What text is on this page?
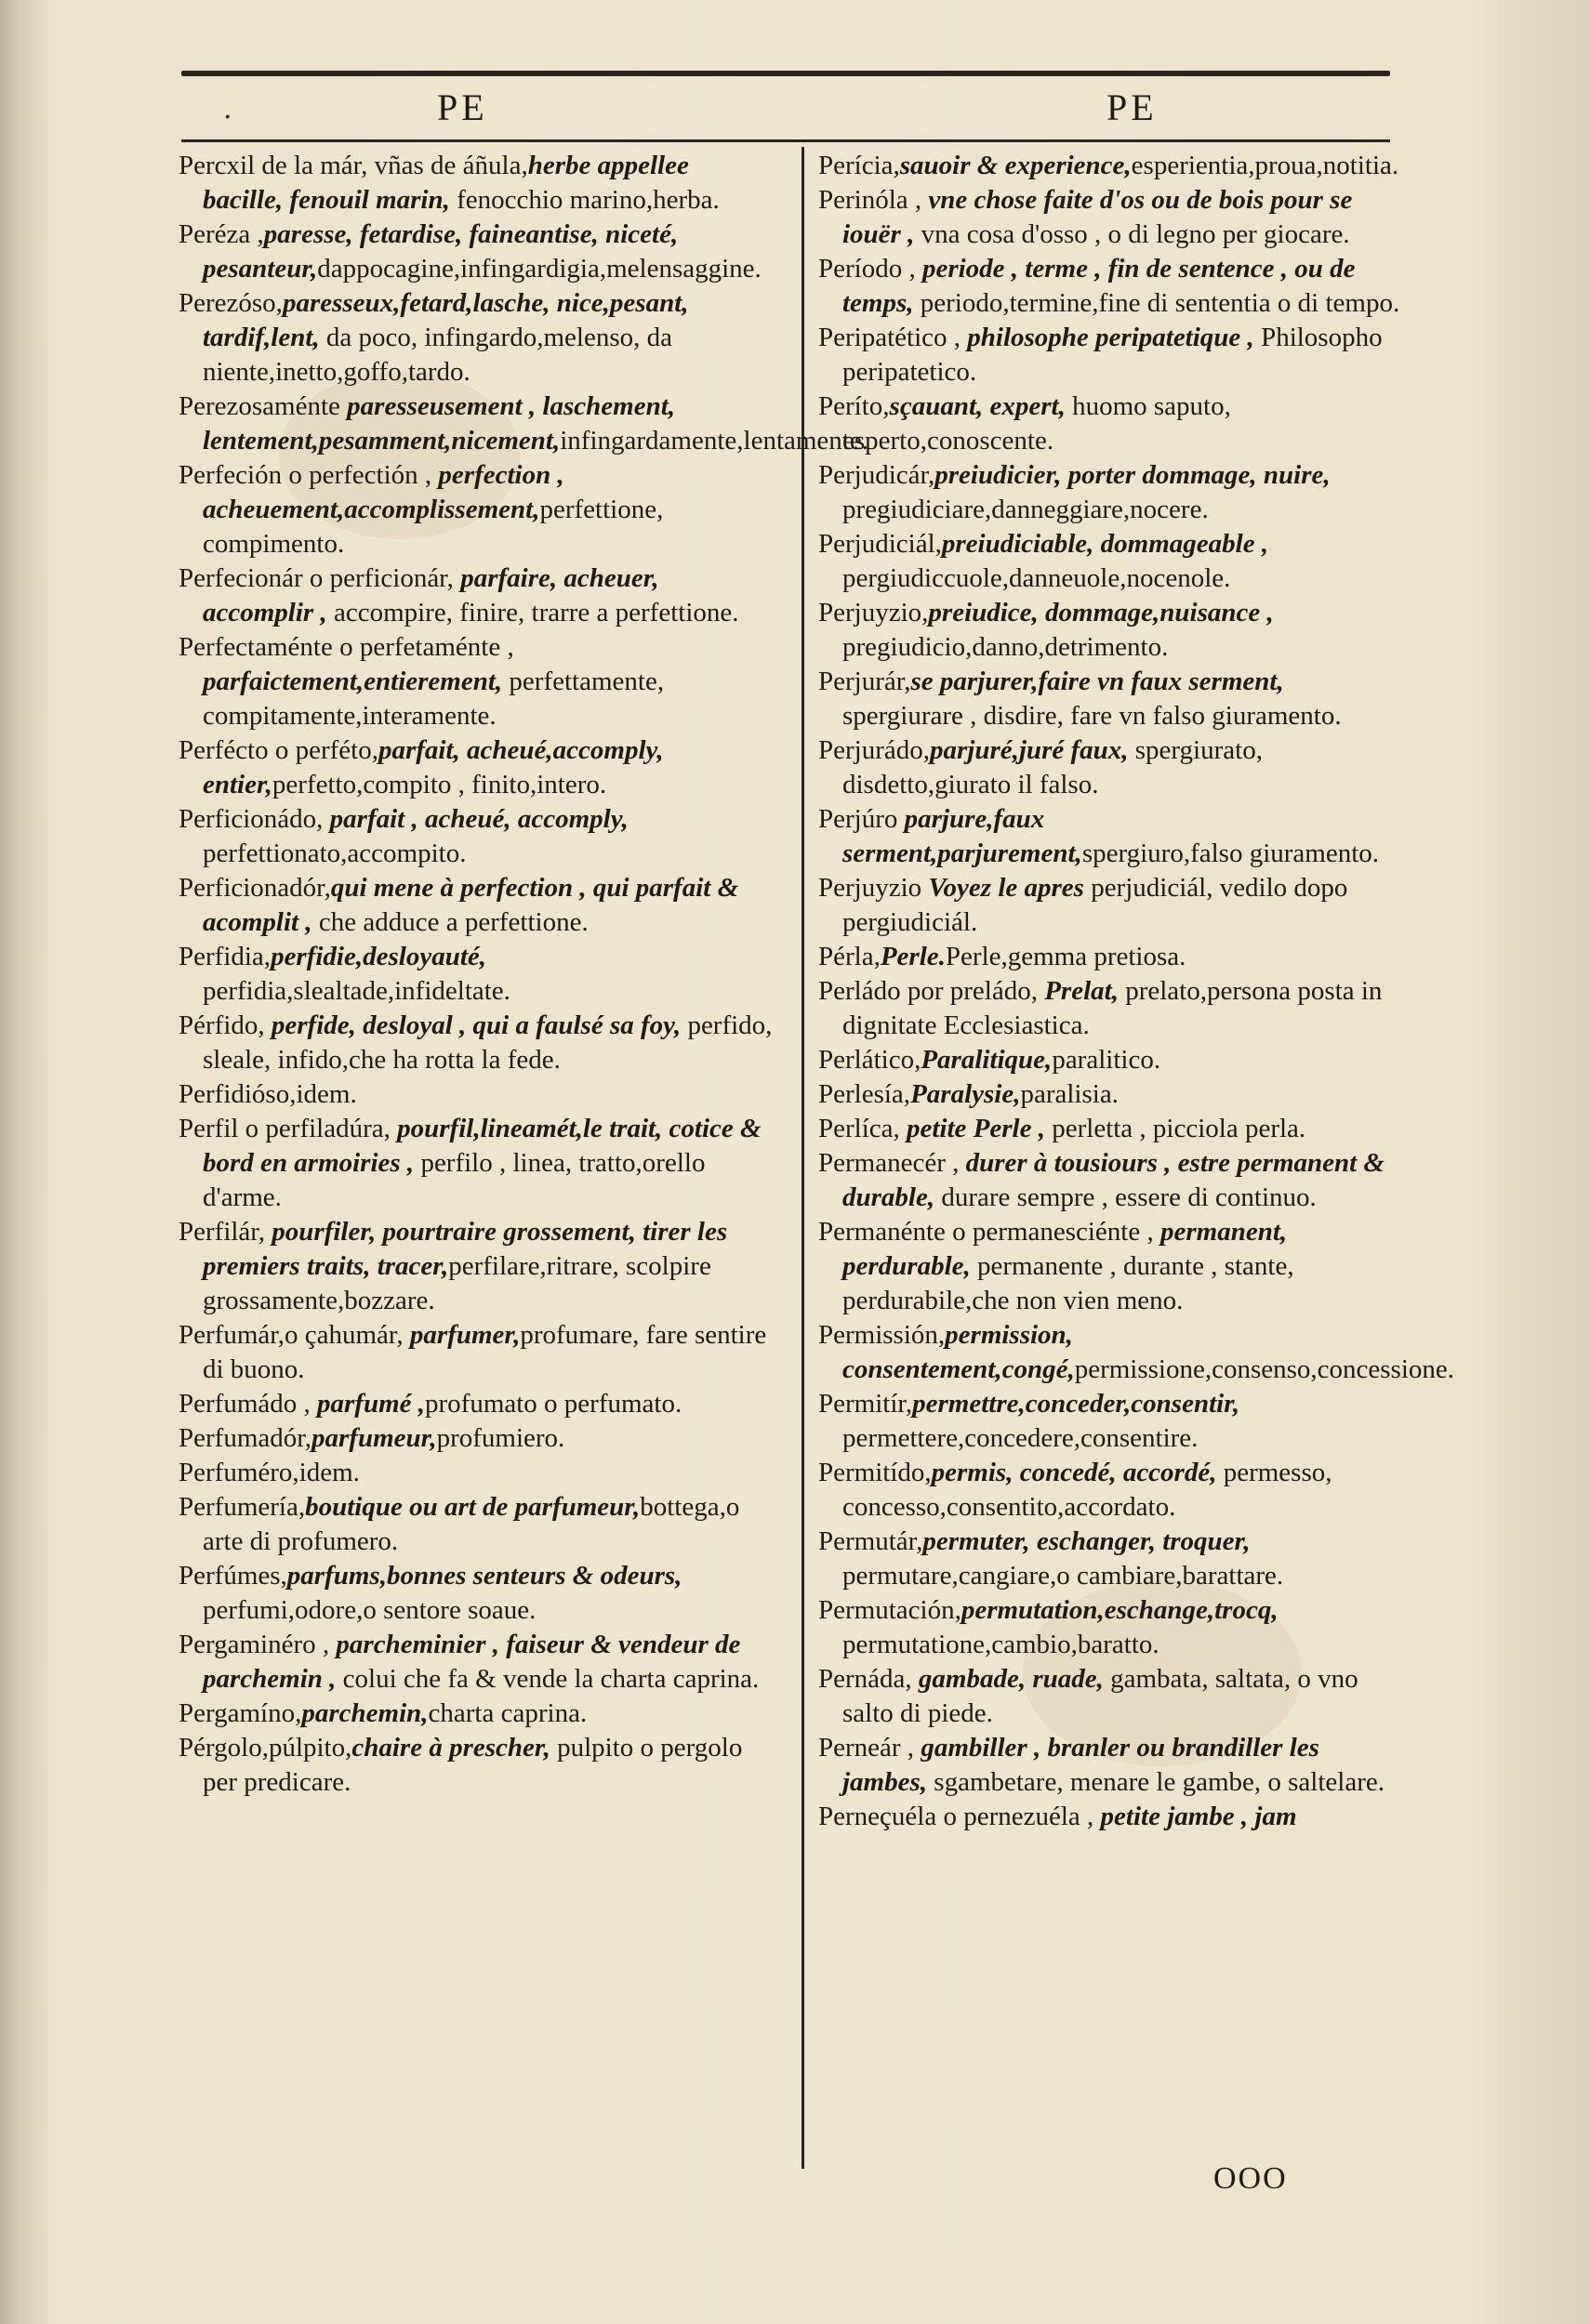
.	PE	PE
Percxil de la már, vñas de áñula,herbe appellee bacille, fenouil marin, fenocchio marino,herba.
Peréza ,paresse, fetardise, faineantise, niceté, pesanteur,dappocagine,infingardigia,melensaggine.
Perezóso,paresseux,fetard,lasche, nice,pesant, tardif,lent, da poco, infingardo,melenso, da niente,inetto,goffo,tardo.
Perezosaménte paresseusement , laschement, lentement,pesamment,nicement,infingardamente,lentamente.
Perfeción o perfectión , perfection , acheuement,accomplissement,perfettione, compimento.
Perfecionár o perficionár, parfaire, acheuer, accomplir , accompire, finire, trarre a perfettione.
Perfectaménte o perfetaménte , parfaictement,entierement, perfettamente, compitamente,interamente.
Perfécto o perféto,parfait, acheué,accomply, entier,perfetto,compito , finito,intero.
Perficionádo, parfait , acheué, accomply, perfettionato,accompito.
Perficionadór,qui mene à perfection , qui parfait & acomplit , che adduce a perfettione.
Perfidia,perfidie,desloyauté, perfidia,slealtade,infideltate.
Pérfido, perfide, desloyal , qui a faulsé sa foy, perfido, sleale, infido,che ha rotta la fede.
Perfidióso,idem.
Perfil o perfiladúra, pourfil,lineamét,le trait, cotice & bord en armoiries , perfilo , linea, tratto,orello d'arme.
Perfilár, pourfiler, pourtraire grossement, tirer les premiers traits, tracer,perfilare,ritrare, scolpire grossamente,bozzare.
Perfumár,o çahumár, parfumer,profumare, fare sentire di buono.
Perfumádo , parfumé ,profumato o perfumato.
Perfumadór,parfumeur,profumiero.
Perfuméro,idem.
Perfumería,boutique ou art de parfumeur,bottega,o arte di profumero.
Perfúmes,parfums,bonnes senteurs & odeurs, perfumi,odore,o sentore soaue.
Pergaminéro , parcheminier , faiseur & vendeur de parchemin , colui che fa & vende la charta caprina.
Pergamíno,parchemin,charta caprina.
Pérgolo,púlpito,chaire à prescher, pulpito o pergolo per predicare.
Perícia,sauoir & experience,esperientia,proua,notitia.
Perinóla , vne chose faite d'os ou de bois pour se iouër , vna cosa d'osso , o di legno per giocare.
Período , periode , terme , fin de sentence , ou de temps, periodo,termine,fine di sententia o di tempo.
Peripatético , philosophe peripatetique , Philosopho peripatetico.
Períto,sçauant, expert, huomo saputo, esperto,conoscente.
Perjudicár,preiudicier, porter dommage, nuire, pregiudiciare,danneggiare,nocere.
Perjudiciál,preiudiciable, dommageable , pergiudiccuole,danneuole,nocenole.
Perjuyzio,preiudice, dommage,nuisance , pregiudicio,danno,detrimento.
Perjurár,se parjurer,faire vn faux serment, spergiurare , disdire, fare vn falso giuramento.
Perjurádo,parjuré,juré faux, spergiurato, disdetto,giurato il falso.
Perjúro parjure,faux serment,parjurement,spergiuro,falso giuramento.
Perjuyzio Voyez le apres perjudiciál, vedilo dopo pergiudiciál.
Pérla,Perle.Perle,gemma pretiosa.
Perládo por preládo, Prelat, prelato,persona posta in dignitate Ecclesiastica.
Perlático,Paralitique,paralitico.
Perlesía,Paralysie,paralisia.
Perlíca, petite Perle , perletta , picciola perla.
Permanecér , durer à tousiours , estre permanent & durable, durare sempre , essere di continuo.
Permanénte o permanesciénte , permanent, perdurable, permanente , durante , stante, perdurabile,che non vien meno.
Permissión,permission, consentement,congé,permissione,consenso,concessione.
Permitír,permettre,conceder,consentir, permettere,concedere,consentire.
Permitído,permis, concedé, accordé, permesso, concesso,consentito,accordato.
Permutár,permuter, eschanger, troquer, permutare,cangiare,o cambiare,barattare.
Permutación,permutation,eschange,trocq, permutatione,cambio,baratto.
Pernáda, gambade, ruade, gambata, saltata, o vno salto di piede.
Perneár , gambiller , branler ou brandiller les jambes, sgambetare, menare le gambe, o saltelare.
Perneçuéla o pernezuéla , petite jambe , jam
OOO
